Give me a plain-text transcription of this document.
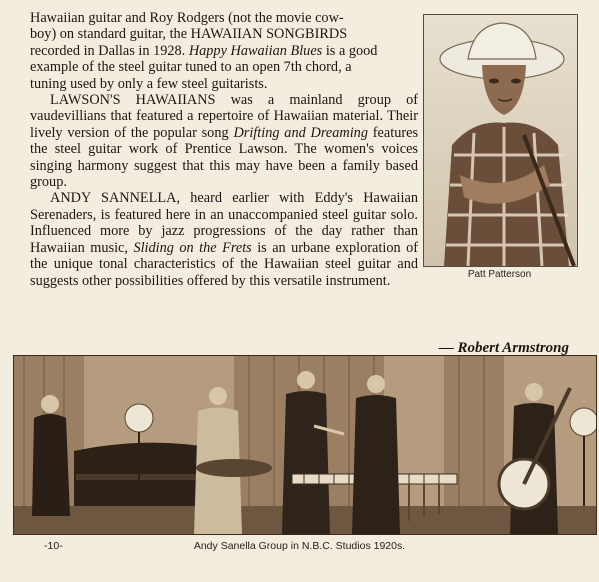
Hawaiian guitar and Roy Rodgers (not the movie cow-
boy) on standard guitar, the HAWAIIAN SONGBIRDS
recorded in Dallas in 1928. Happy Hawaiian Blues is a good
example of the steel guitar tuned to an open 7th chord, a
tuning used by only a few steel guitarists.

LAWSON'S HAWAIIANS was a mainland group of vaudevillians that featured a repertoire of Hawaiian material. Their lively version of the popular song Drifting and Dreaming features the steel guitar work of Prentice Lawson. The women's voices singing harmony suggest that this may have been a family based group.

ANDY SANNELLA, heard earlier with Eddy's Hawaiian Serenaders, is featured here in an unaccompanied steel guitar solo. Influenced more by jazz progressions of the day rather than Hawaiian music, Sliding on the Frets is an urbane exploration of the unique tonal characteristics of the Hawaiian steel guitar and suggests other possibilities offered by this versatile instrument.

— Robert Armstrong
Patt Patterson
-10-	Andy Sanella Group in N.B.C. Studios 1920s.
